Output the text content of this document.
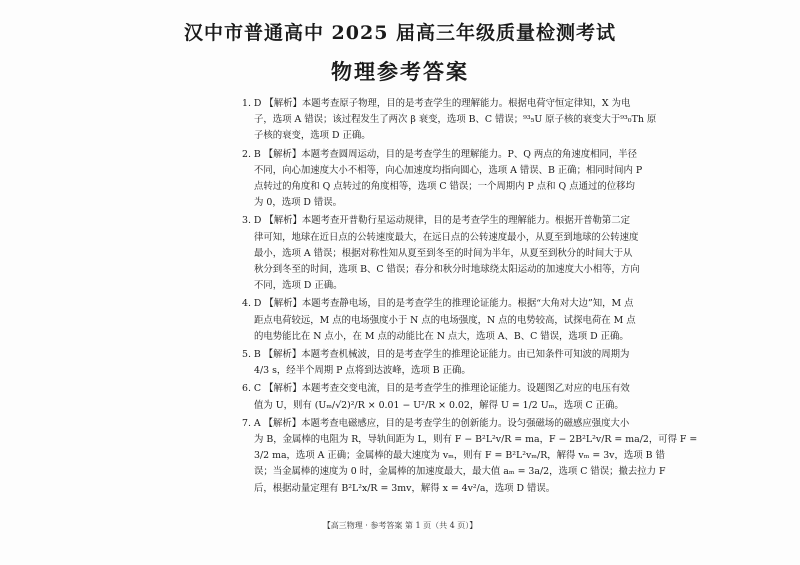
汉中市普通高中 2025 届高三年级质量检测考试
物理参考答案
1. D 【解析】本题考查原子物理，目的是考查学生的理解能力。根据电荷守恒定律知，X 为电
子，选项 A 错误；该过程发生了两次 β 衰变，选项 B、C 错误；⁹³₅U 原子核的衰变大于⁹³₀Th 原
子核的衰变，选项 D 正确。
2. B 【解析】本题考查圆周运动，目的是考查学生的理解能力。P、Q 两点的角速度相同，半径
不同，向心加速度大小不相等，向心加速度均指向圆心，选项 A 错误、B 正确；相同时间内 P
点转过的角度和 Q 点转过的角度相等，选项 C 错误；一个周期内 P 点和 Q 点通过的位移均
为 0，选项 D 错误。
3. D 【解析】本题考查开普勒行星运动规律，目的是考查学生的理解能力。根据开普勒第二定
律可知，地球在近日点的公转速度最大，在远日点的公转速度最小，从夏至到地球的公转速度
最小，选项 A 错误；根据对称性知从夏至到冬至的时间为半年，从夏至到秋分的时间大于从
秋分到冬至的时间，选项 B、C 错误；春分和秋分时地球绕太阳运动的加速度大小相等，方向
不同，选项 D 正确。
4. D 【解析】本题考查静电场，目的是考查学生的推理论证能力。根据“大角对大边”知，M 点
距点电荷较远，M 点的电场强度小于 N 点的电场强度，N 点的电势较高，试探电荷在 M 点
的电势能比在 N 点小，在 M 点的动能比在 N 点大，选项 A、B、C 错误，选项 D 正确。
5. B 【解析】本题考查机械波，目的是考查学生的推理论证能力。由已知条件可知波的周期为
4/3 s，经半个周期 P 点将到达波峰，选项 B 正确。
6. C 【解析】本题考查交变电流，目的是考查学生的推理论证能力。设题图乙对应的电压有效
值为 U，则有 (Uₘ/√2)²/R × 0.01 − U²/R × 0.02，解得 U = 1/2 Uₘ，选项 C 正确。
7. A 【解析】本题考查电磁感应，目的是考查学生的创新能力。设匀强磁场的磁感应强度大小
为 B，金属棒的电阻为 R，导轨间距为 L，则有 F − B²L²v/R = ma，F − 2B²L²v/R = ma/2，可得 F =
3/2 ma，选项 A 正确；金属棒的最大速度为 vₘ，则有 F = B²L²vₘ/R，解得 vₘ = 3v，选项 B 错
误；当金属棒的速度为 0 时，金属棒的加速度最大，最大值 aₘ = 3a/2，选项 C 错误；撤去拉力 F
后，根据动量定理有 B²L²x/R = 3mv，解得 x = 4v²/a，选项 D 错误。
【高三物理 · 参考答案 第 1 页（共 4 页）】
